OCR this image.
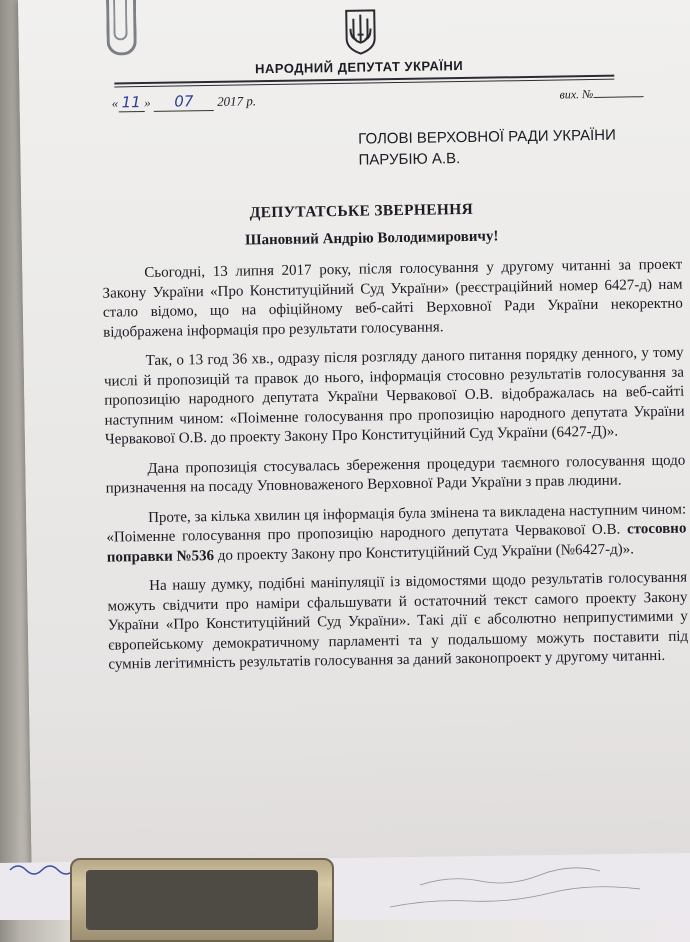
НАРОДНИЙ ДЕПУТАТ УКРАЇНИ
« 11 » 07 2017 р.	вих. №
ГОЛОВІ ВЕРХОВНОЇ РАДИ УКРАЇНИ
ПАРУБІЮ А.В.
ДЕПУТАТСЬКЕ ЗВЕРНЕННЯ
Шановний Андрію Володимировичу!

Сьогодні, 13 липня 2017 року, після голосування у другому читанні за проект Закону України «Про Конституційний Суд України» (реєстраційний номер 6427-д) нам стало відомо, що на офіційному веб-сайті Верховної Ради України некоректно відображена інформація про результати голосування.

Так, о 13 год 36 хв., одразу після розгляду даного питання порядку денного, у тому числі й пропозицій та правок до нього, інформація стосовно результатів голосування за пропозицію народного депутата України Червакової О.В. відображалась на веб-сайті наступним чином: «Поіменне голосування про пропозицію народного депутата України Червакової О.В. до проекту Закону Про Конституційний Суд України (6427-Д)».

Дана пропозиція стосувалась збереження процедури таємного голосування щодо призначення на посаду Уповноваженого Верховної Ради України з прав людини.

Проте, за кілька хвилин ця інформація була змінена та викладена наступним чином: «Поіменне голосування про пропозицію народного депутата Червакової О.В. стосовно поправки №536 до проекту Закону про Конституційний Суд України (№6427-д)».

На нашу думку, подібні маніпуляції із відомостями щодо результатів голосування можуть свідчити про наміри сфальшувати й остаточний текст самого проекту Закону України «Про Конституційний Суд України». Такі дії є абсолютно неприпустимими у європейському демократичному парламенті та у подальшому можуть поставити під сумнів легітимність результатів голосування за даний законопроект у другому читанні.
